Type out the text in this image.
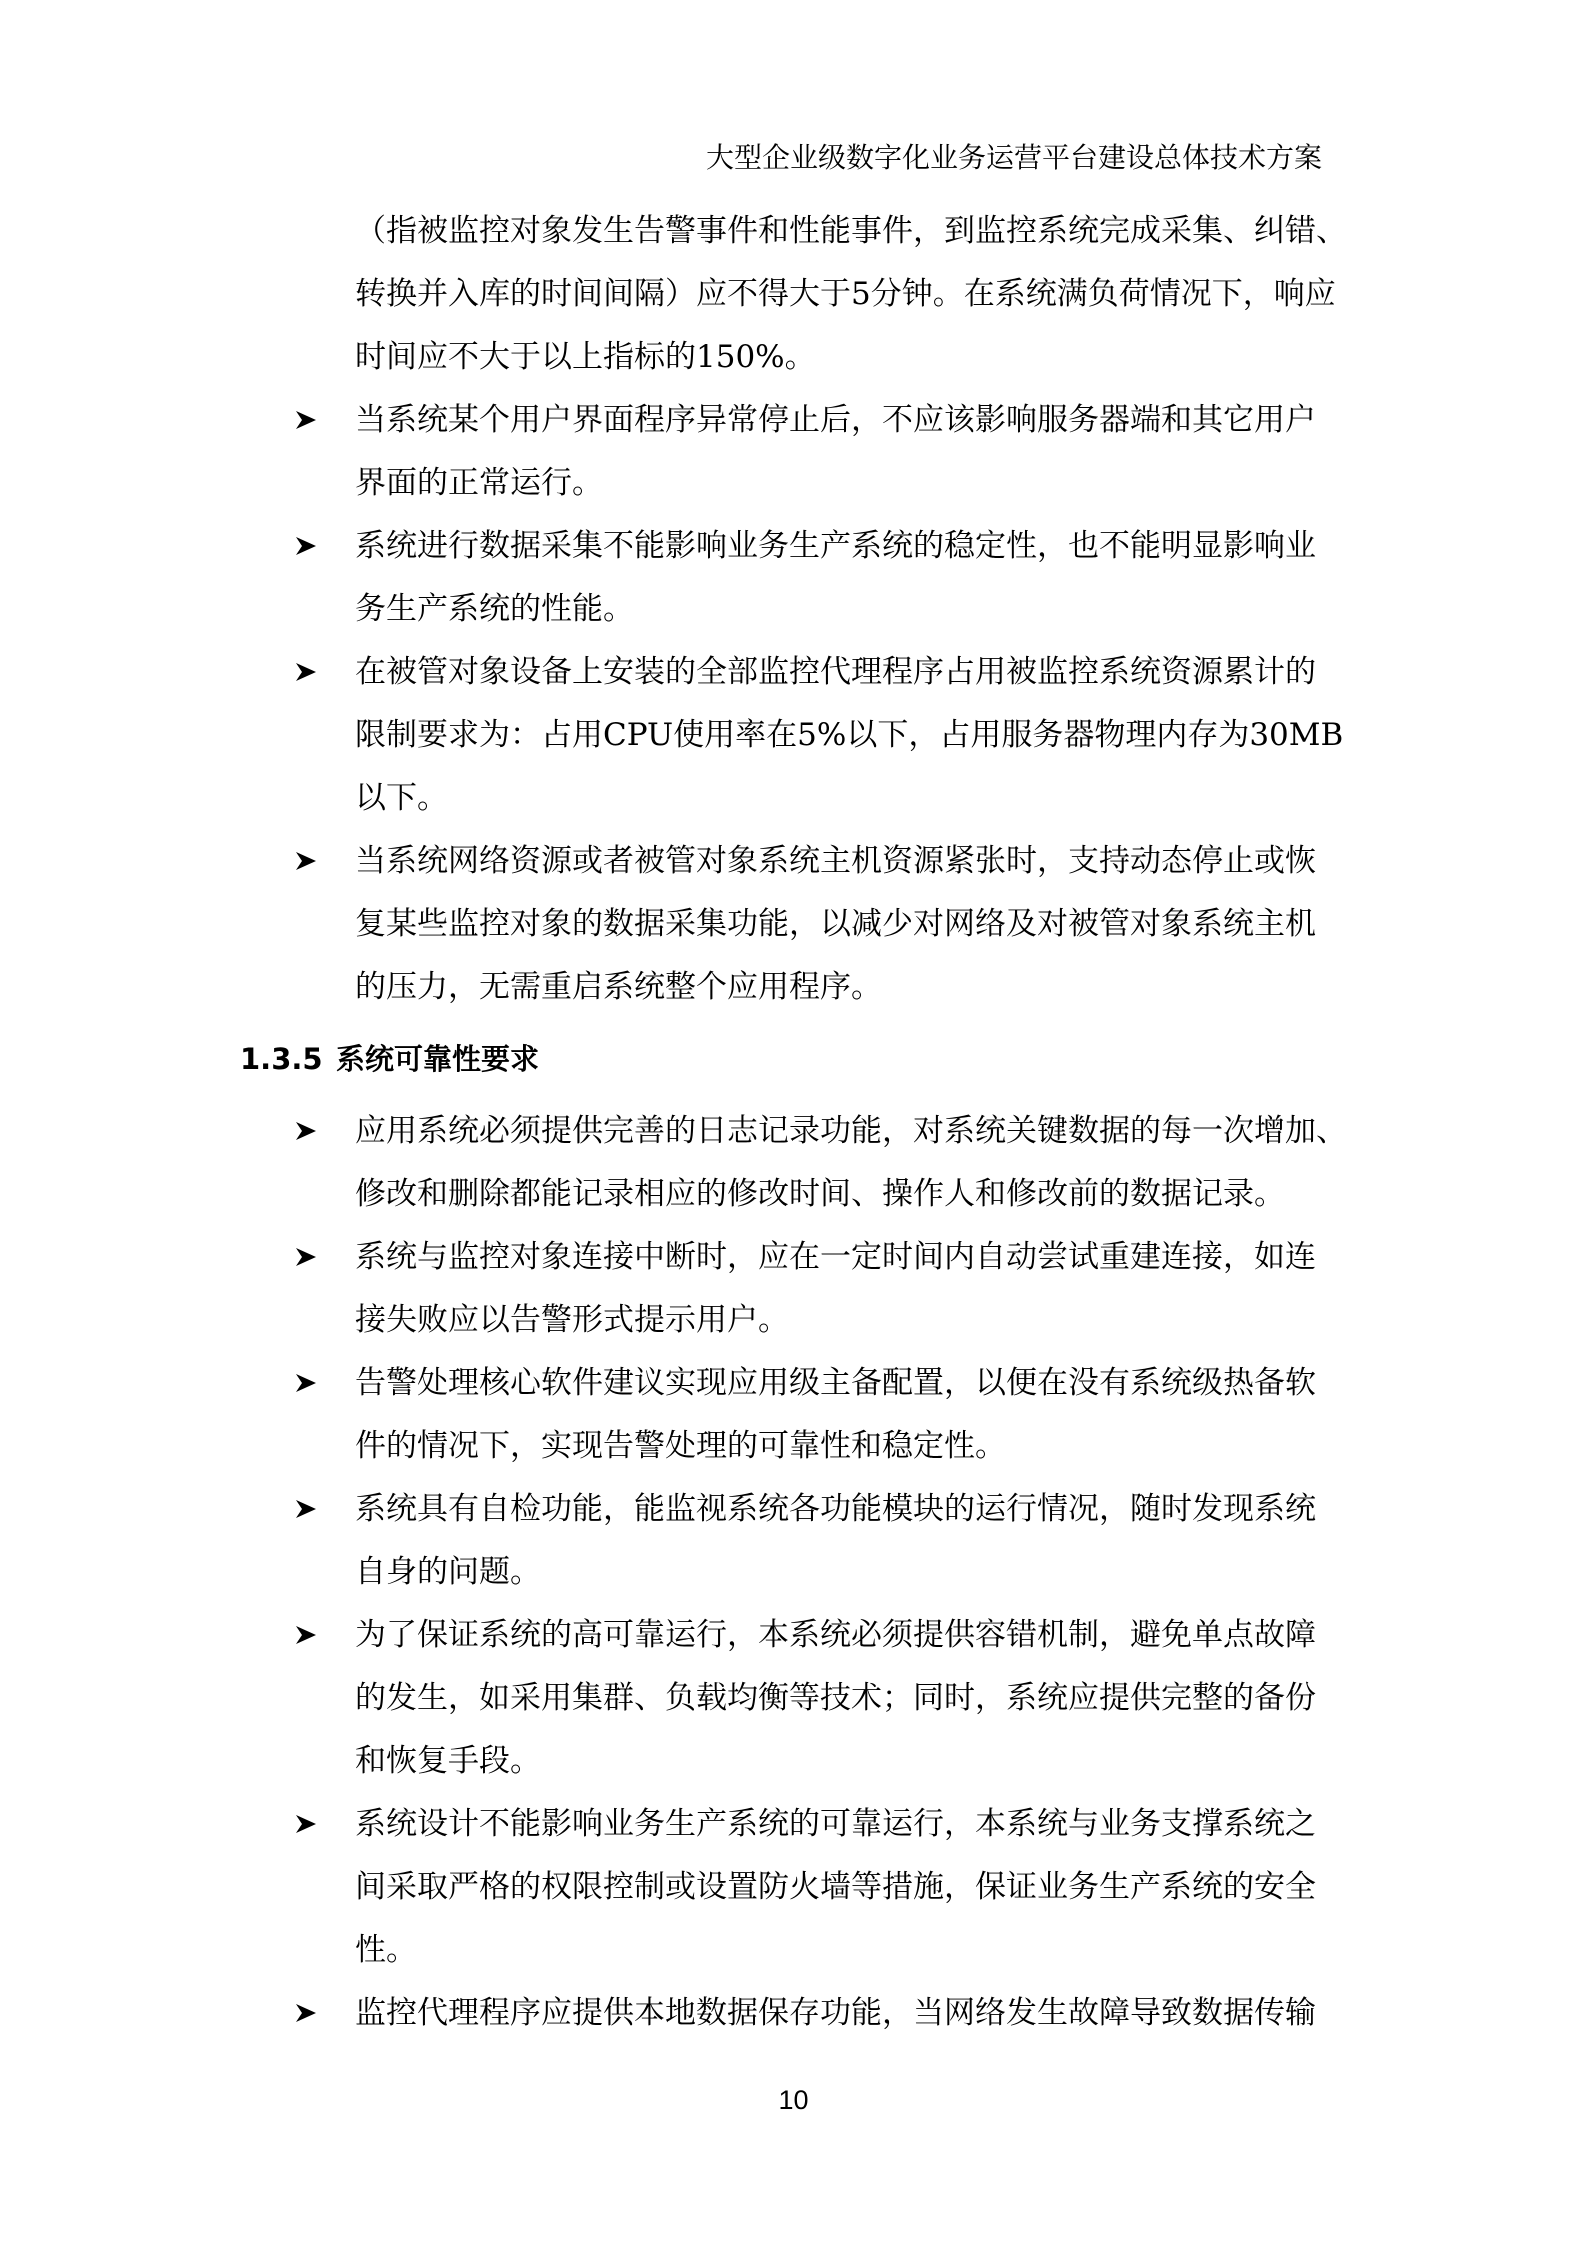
大型企业级数字化业务运营平台建设总体技术方案
（指被监控对象发生告警事件和性能事件，到监控系统完成采集、纠错、
转换并入库的时间间隔）应不得大于5分钟。在系统满负荷情况下，响应
时间应不大于以上指标的150%。
当系统某个用户界面程序异常停止后，不应该影响服务器端和其它用户
界面的正常运行。
系统进行数据采集不能影响业务生产系统的稳定性，也不能明显影响业
务生产系统的性能。
在被管对象设备上安装的全部监控代理程序占用被监控系统资源累计的
限制要求为：占用CPU使用率在5%以下，占用服务器物理内存为30MB
以下。
当系统网络资源或者被管对象系统主机资源紧张时，支持动态停止或恢
复某些监控对象的数据采集功能，以减少对网络及对被管对象系统主机
的压力，无需重启系统整个应用程序。
1.3.5 系统可靠性要求
应用系统必须提供完善的日志记录功能，对系统关键数据的每一次增加、
修改和删除都能记录相应的修改时间、操作人和修改前的数据记录。
系统与监控对象连接中断时，应在一定时间内自动尝试重建连接，如连
接失败应以告警形式提示用户。
告警处理核心软件建议实现应用级主备配置，以便在没有系统级热备软
件的情况下，实现告警处理的可靠性和稳定性。
系统具有自检功能，能监视系统各功能模块的运行情况，随时发现系统
自身的问题。
为了保证系统的高可靠运行，本系统必须提供容错机制，避免单点故障
的发生，如采用集群、负载均衡等技术；同时，系统应提供完整的备份
和恢复手段。
系统设计不能影响业务生产系统的可靠运行，本系统与业务支撑系统之
间采取严格的权限控制或设置防火墙等措施，保证业务生产系统的安全
性。
监控代理程序应提供本地数据保存功能，当网络发生故障导致数据传输
10
